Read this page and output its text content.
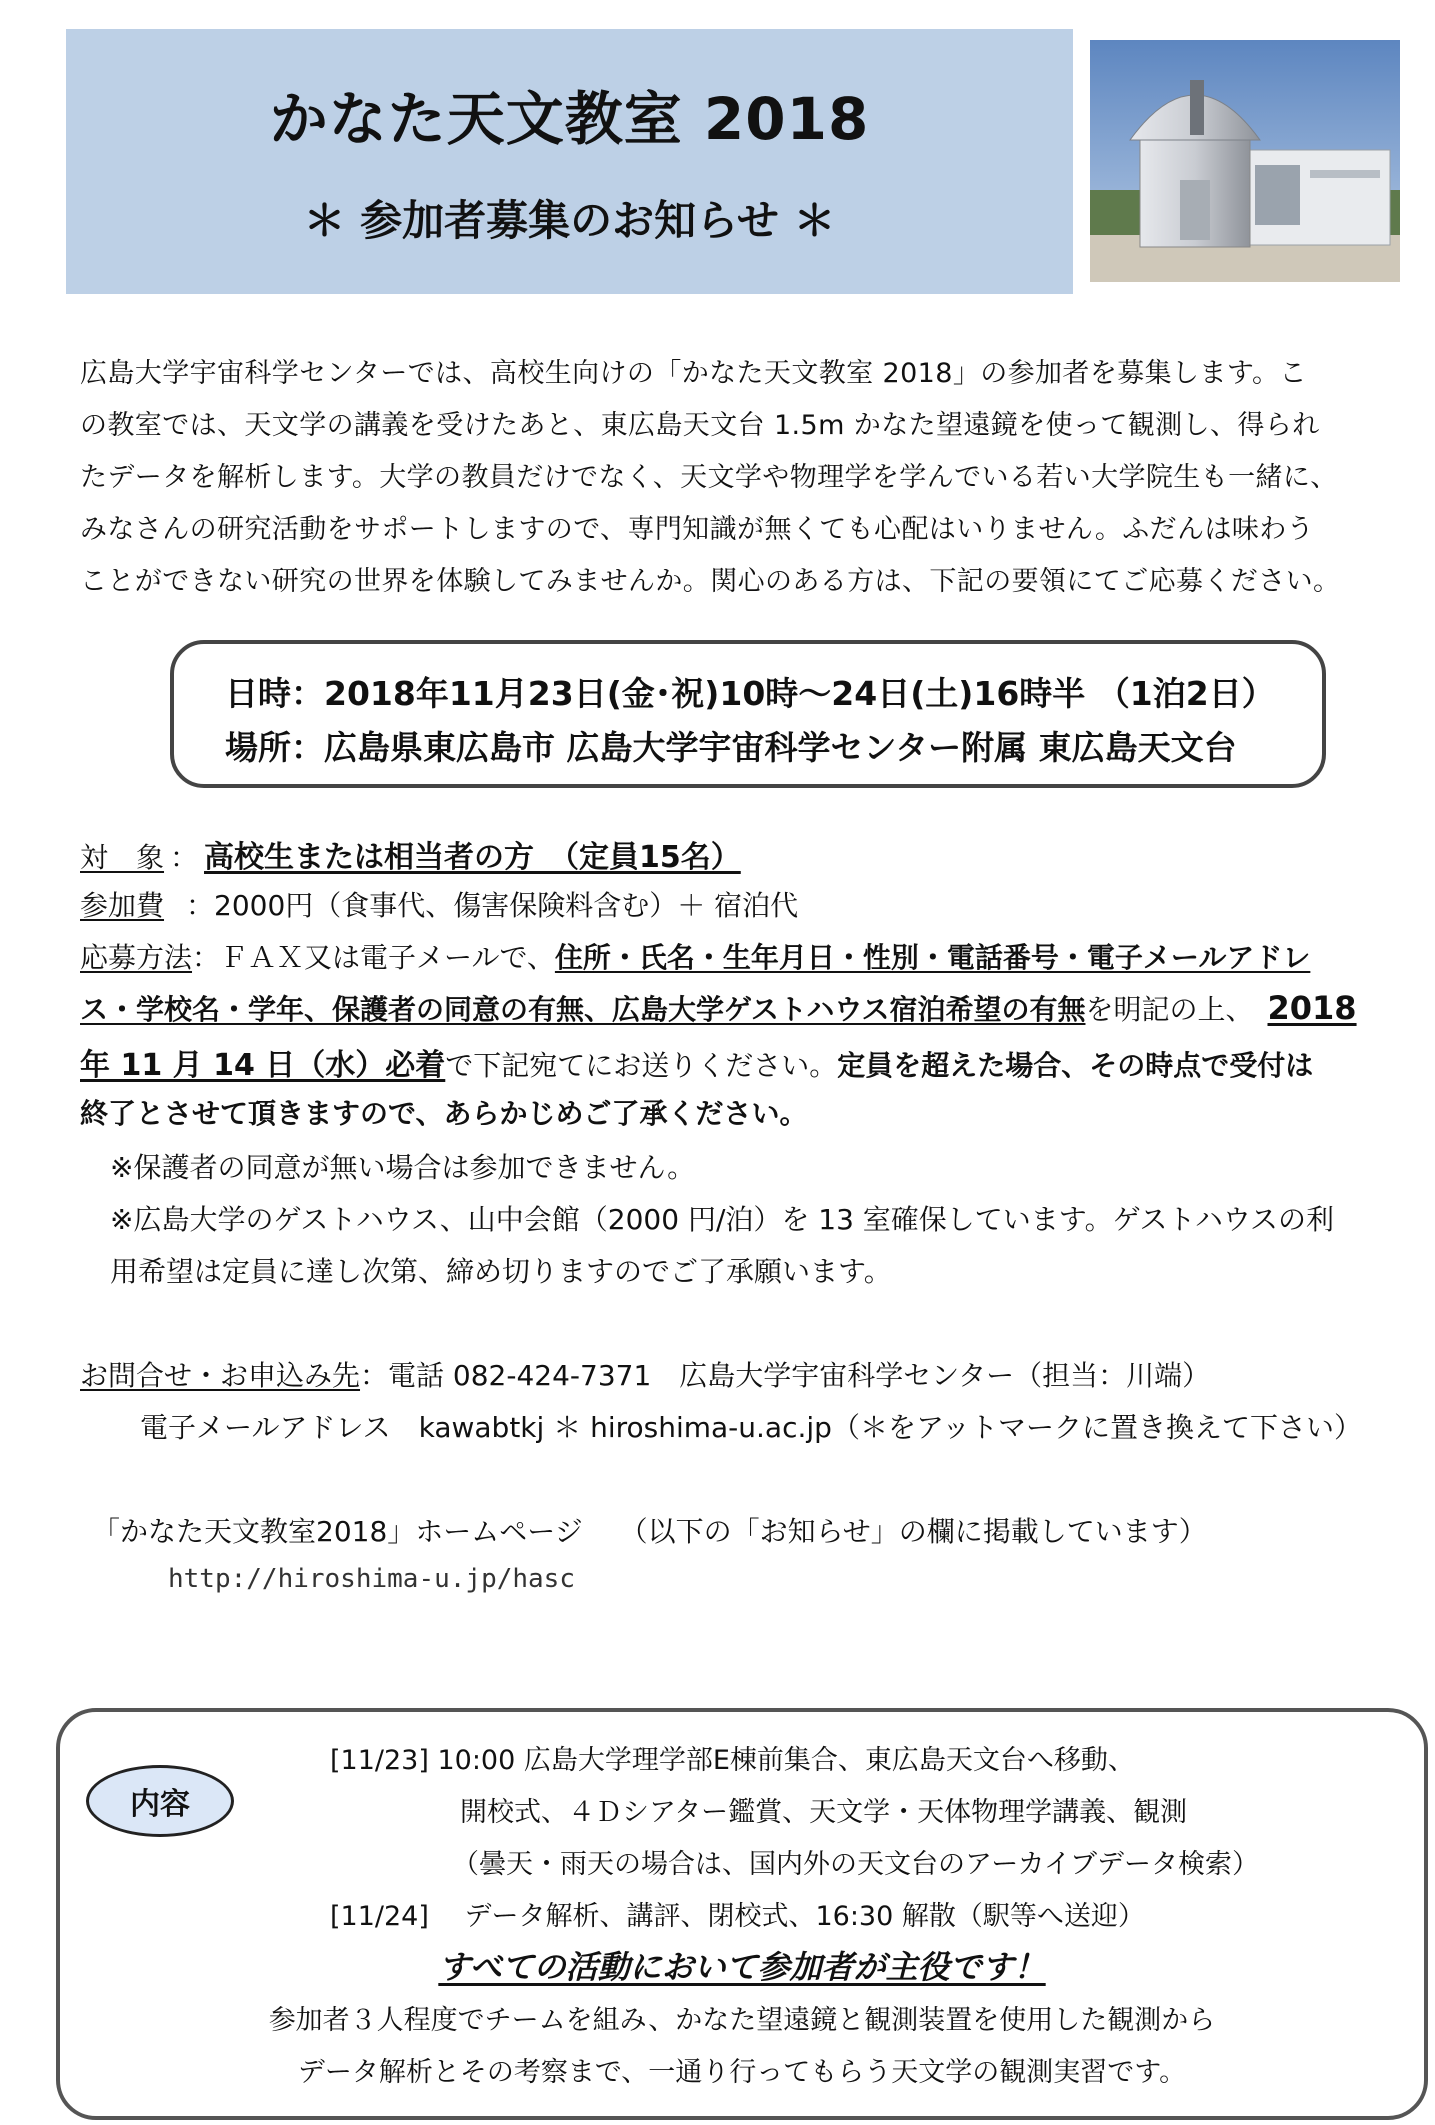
かなた天文教室 2018
＊ 参加者募集のお知らせ ＊
広島大学宇宙科学センターでは、高校生向けの「かなた天文教室 2018」の参加者を募集します。こ
の教室では、天文学の講義を受けたあと、東広島天文台 1.5m かなた望遠鏡を使って観測し、得られ
たデータを解析します。大学の教員だけでなく、天文学や物理学を学んでいる若い大学院生も一緒に、
みなさんの研究活動をサポートしますので、専門知識が無くても心配はいりません。ふだんは味わう
ことができない研究の世界を体験してみませんか。関心のある方は、下記の要領にてご応募ください。
日時：2018年11月23日(金･祝)10時～24日(土)16時半 （1泊2日）
場所：広島県東広島市 広島大学宇宙科学センター附属 東広島天文台
対　象 ： 高校生または相当者の方　（定員15名）
参加費 ：2000円（食事代、傷害保険料含む）＋ 宿泊代
応募方法：ＦＡＸ又は電子メールで、住所・氏名・生年月日・性別・電話番号・電子メールアドレ
ス・学校名・学年、保護者の同意の有無、広島大学ゲストハウス宿泊希望の有無を明記の上、 2018
年 11 月 14 日（水）必着で下記宛てにお送りください。定員を超えた場合、その時点で受付は
終了とさせて頂きますので、あらかじめご了承ください。
※保護者の同意が無い場合は参加できません。
※広島大学のゲストハウス、山中会館（2000 円/泊）を 13 室確保しています。ゲストハウスの利
用希望は定員に達し次第、締め切りますのでご了承願います。
お問合せ・お申込み先：電話 082-424-7371　広島大学宇宙科学センター（担当：川端）
電子メールアドレス　kawabtkj ＊ hiroshima-u.ac.jp（＊をアットマークに置き換えて下さい）
「かなた天文教室2018」ホームページ　 （以下の「お知らせ」の欄に掲載しています）
http://hiroshima-u.jp/hasc
内容
[11/23] 10:00 広島大学理学部E棟前集合、東広島天文台へ移動、
開校式、４Ｄシアター鑑賞、天文学・天体物理学講義、観測
（曇天・雨天の場合は、国内外の天文台のアーカイブデータ検索）
[11/24]　 データ解析、講評、閉校式、16:30 解散（駅等へ送迎）
すべての活動において参加者が主役です！
参加者３人程度でチームを組み、かなた望遠鏡と観測装置を使用した観測から
データ解析とその考察まで、一通り行ってもらう天文学の観測実習です。
